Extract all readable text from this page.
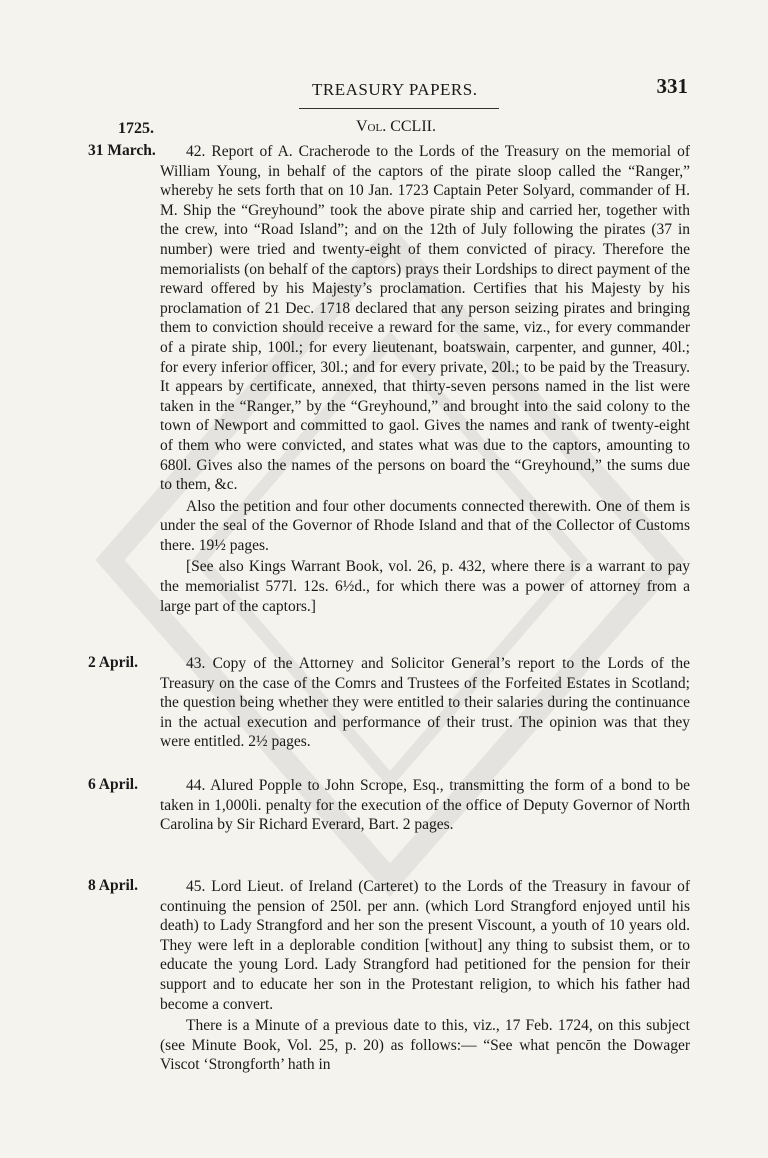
TREASURY PAPERS.	331
1725.	Vol. CCLII.
31 March.	42. Report of A. Cracherode to the Lords of the Treasury on the memorial of William Young, in behalf of the captors of the pirate sloop called the “Ranger,” whereby he sets forth that on 10 Jan. 1723 Captain Peter Solyard, commander of H. M. Ship the “Greyhound” took the above pirate ship and carried her, together with the crew, into “Road Island”; and on the 12th of July following the pirates (37 in number) were tried and twenty-eight of them convicted of piracy. Therefore the memorialists (on behalf of the captors) prays their Lordships to direct payment of the reward offered by his Majesty’s proclamation. Certifies that his Majesty by his proclamation of 21 Dec. 1718 declared that any person seizing pirates and bringing them to conviction should receive a reward for the same, viz., for every commander of a pirate ship, 100l.; for every lieutenant, boatswain, carpenter, and gunner, 40l.; for every inferior officer, 30l.; and for every private, 20l.; to be paid by the Treasury. It appears by certificate, annexed, that thirty-seven persons named in the list were taken in the “Ranger,” by the “Greyhound,” and brought into the said colony to the town of Newport and committed to gaol. Gives the names and rank of twenty-eight of them who were convicted, and states what was due to the captors, amounting to 680l. Gives also the names of the persons on board the “Greyhound,” the sums due to them, &c.

Also the petition and four other documents connected therewith. One of them is under the seal of the Governor of Rhode Island and that of the Collector of Customs there. 19½ pages.

[See also Kings Warrant Book, vol. 26, p. 432, where there is a warrant to pay the memorialist 577l. 12s. 6½d., for which there was a power of attorney from a large part of the captors.]

2 April.	43. Copy of the Attorney and Solicitor General’s report to the Lords of the Treasury on the case of the Comrs and Trustees of the Forfeited Estates in Scotland; the question being whether they were entitled to their salaries during the continuance in the actual execution and performance of their trust. The opinion was that they were entitled. 2½ pages.

6 April.	44. Alured Popple to John Scrope, Esq., transmitting the form of a bond to be taken in 1,000li. penalty for the execution of the office of Deputy Governor of North Carolina by Sir Richard Everard, Bart. 2 pages.

8 April.	45. Lord Lieut. of Ireland (Carteret) to the Lords of the Treasury in favour of continuing the pension of 250l. per ann. (which Lord Strangford enjoyed until his death) to Lady Strangford and her son the present Viscount, a youth of 10 years old. They were left in a deplorable condition [without] any thing to subsist them, or to educate the young Lord. Lady Strangford had petitioned for the pension for their support and to educate her son in the Protestant religion, to which his father had become a convert.

There is a Minute of a previous date to this, viz., 17 Feb. 1724, on this subject (see Minute Book, Vol. 25, p. 20) as follows:— “See what pencōn the Dowager Viscot ‘Strongforth’ hath in
